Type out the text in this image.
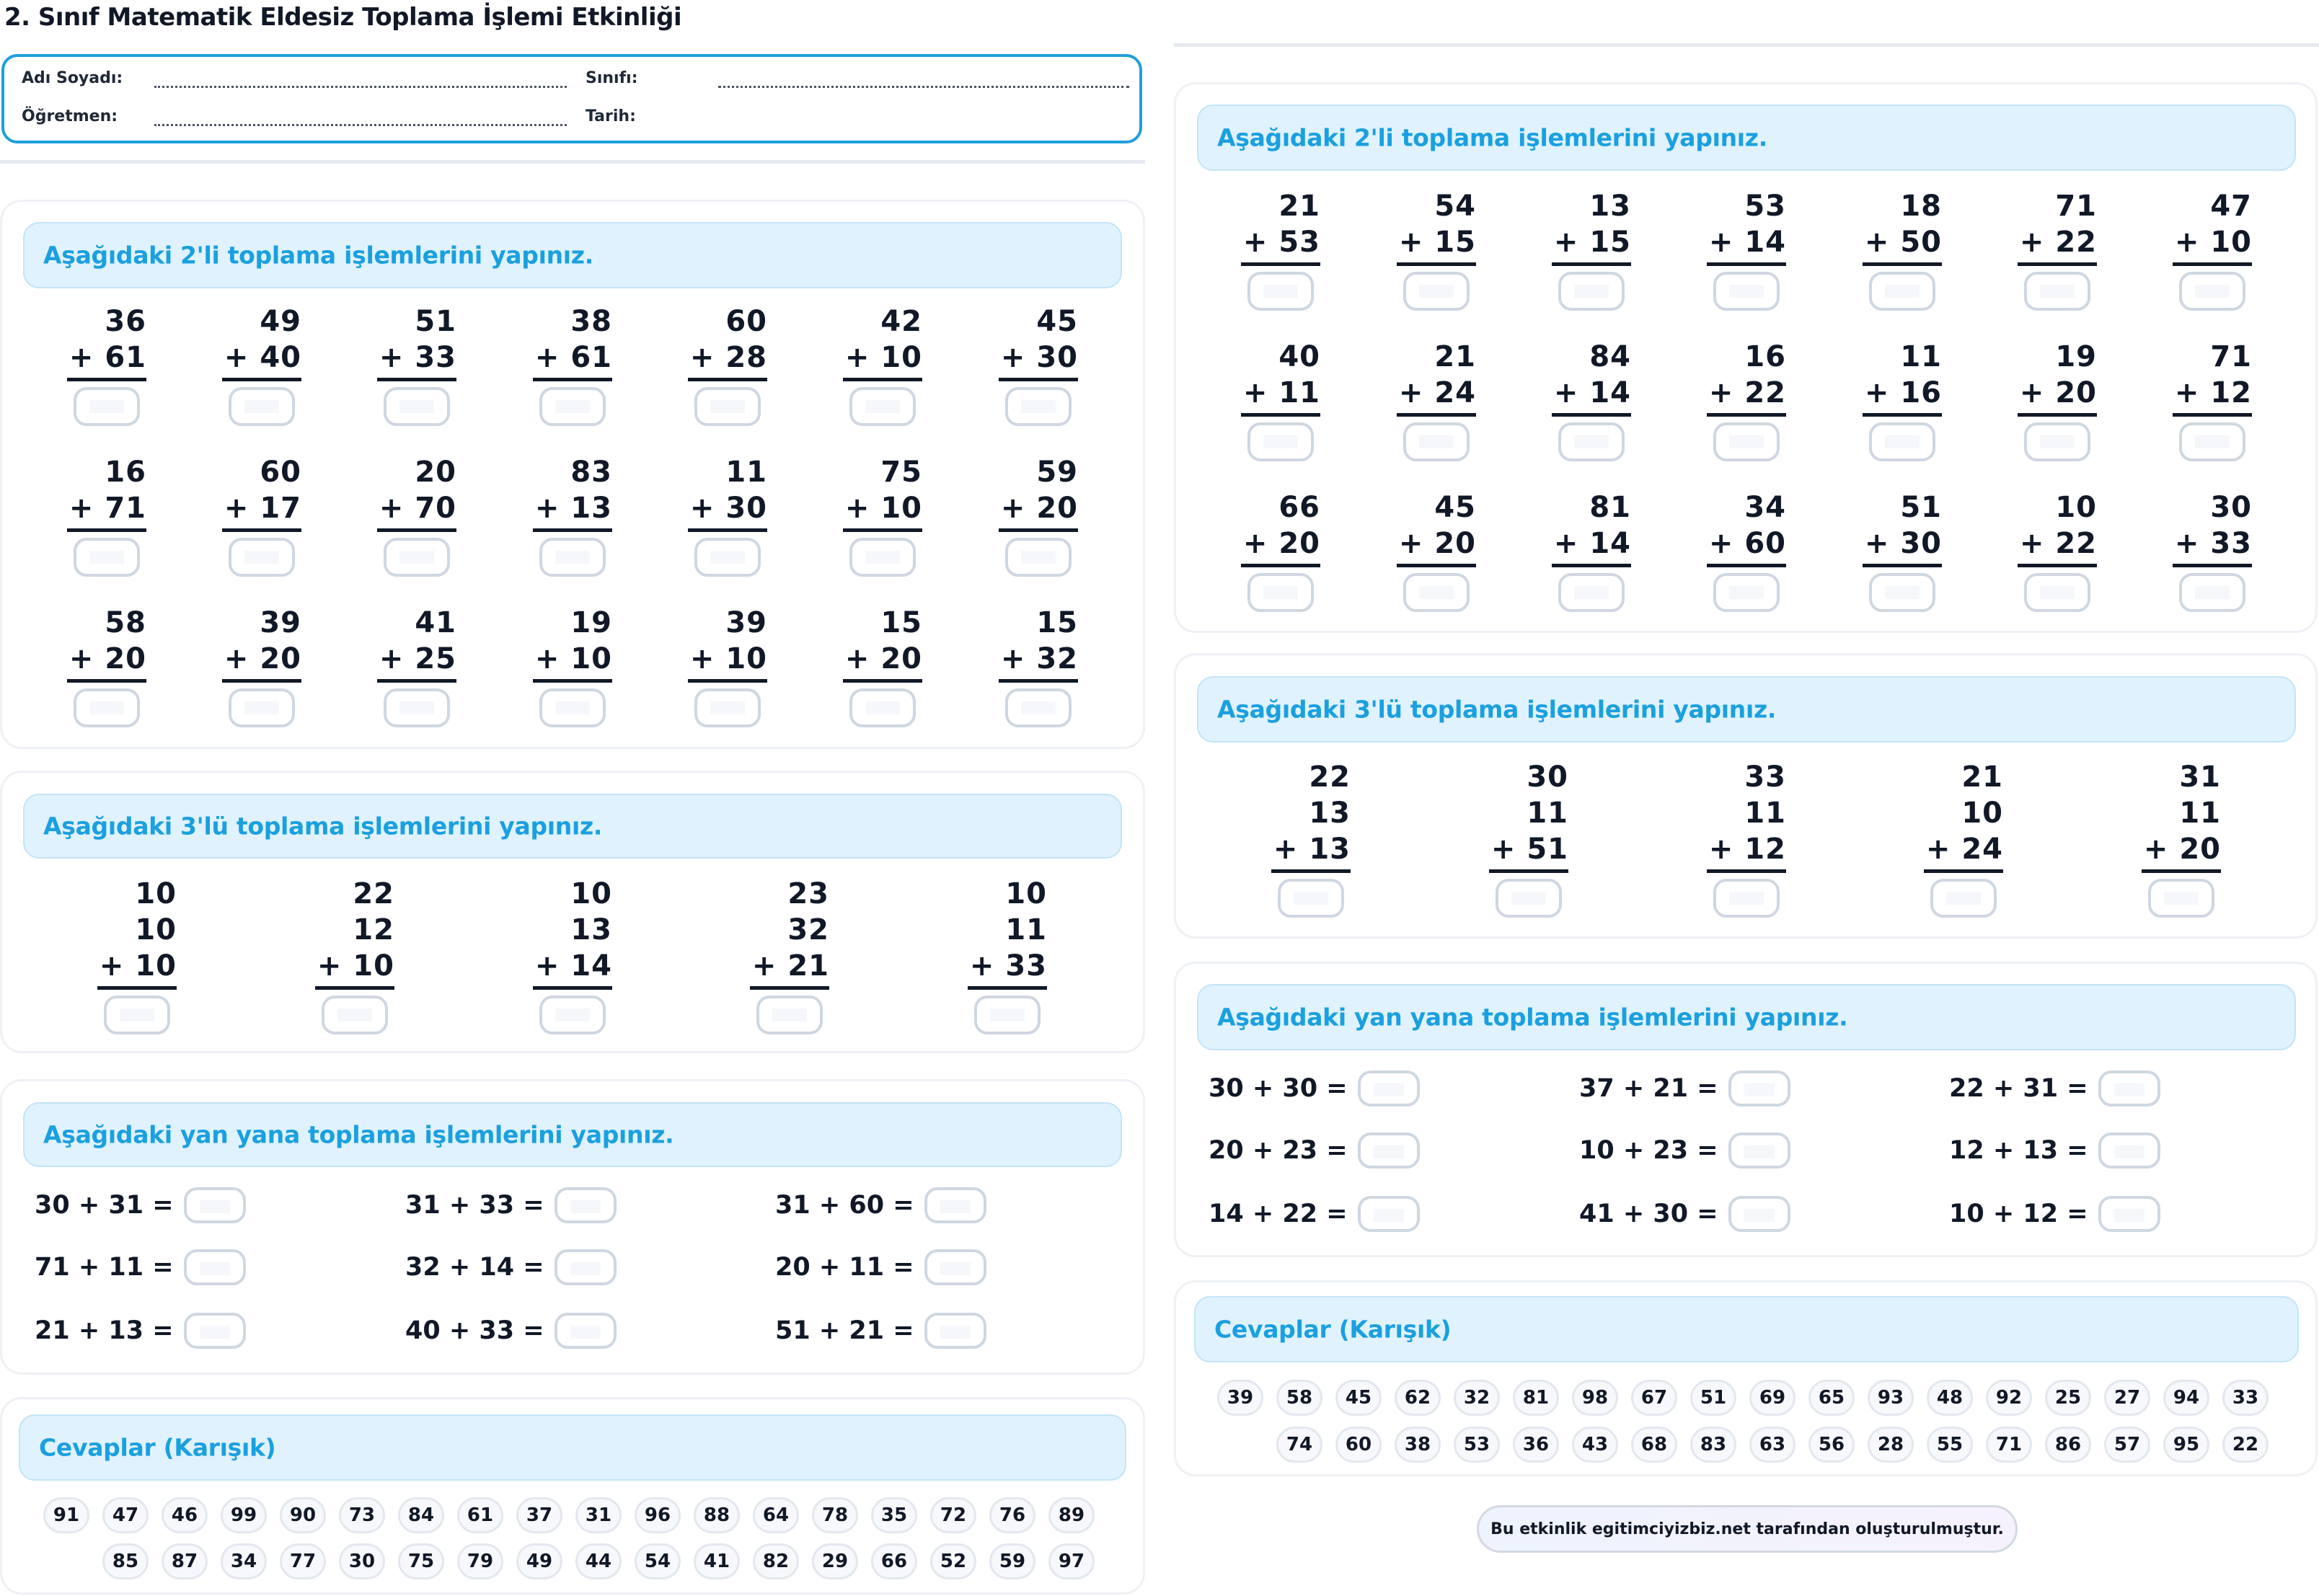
2. Sınıf Matematik Eldesiz Toplama İşlemi Etkinliği
Adı Soyadı:	Sınıfı:
Öğretmen:	Tarih:
Aşağıdaki 2'li toplama işlemlerini yapınız.
36
+ 61
49
+ 40
51
+ 33
38
+ 61
60
+ 28
42
+ 10
45
+ 30
16
+ 71
60
+ 17
20
+ 70
83
+ 13
11
+ 30
75
+ 10
59
+ 20
58
+ 20
39
+ 20
41
+ 25
19
+ 10
39
+ 10
15
+ 20
15
+ 32
Aşağıdaki 3'lü toplama işlemlerini yapınız.
10
10
+ 10
22
12
+ 10
10
13
+ 14
23
32
+ 21
10
11
+ 33
Aşağıdaki yan yana toplama işlemlerini yapınız.
30 + 31 =	31 + 33 =	31 + 60 =
71 + 11 =	32 + 14 =	20 + 11 =
21 + 13 =	40 + 33 =	51 + 21 =
Cevaplar (Karışık)
91	47	46	99	90	73	84	61	37	31	96	88	64	78	35	72	76	89
85	87	34	77	30	75	79	49	44	54	41	82	29	66	52	59	97
Aşağıdaki 2'li toplama işlemlerini yapınız.
21
+ 53
54
+ 15
13
+ 15
53
+ 14
18
+ 50
71
+ 22
47
+ 10
40
+ 11
21
+ 24
84
+ 14
16
+ 22
11
+ 16
19
+ 20
71
+ 12
66
+ 20
45
+ 20
81
+ 14
34
+ 60
51
+ 30
10
+ 22
30
+ 33
Aşağıdaki 3'lü toplama işlemlerini yapınız.
22
13
+ 13
30
11
+ 51
33
11
+ 12
21
10
+ 24
31
11
+ 20
Aşağıdaki yan yana toplama işlemlerini yapınız.
30 + 30 =	37 + 21 =	22 + 31 =
20 + 23 =	10 + 23 =	12 + 13 =
14 + 22 =	41 + 30 =	10 + 12 =
Cevaplar (Karışık)
39	58	45	62	32	81	98	67	51	69	65	93	48	92	25	27	94	33
74	60	38	53	36	43	68	83	63	56	28	55	71	86	57	95	22
Bu etkinlik egitimciyizbiz.net tarafından oluşturulmuştur.
